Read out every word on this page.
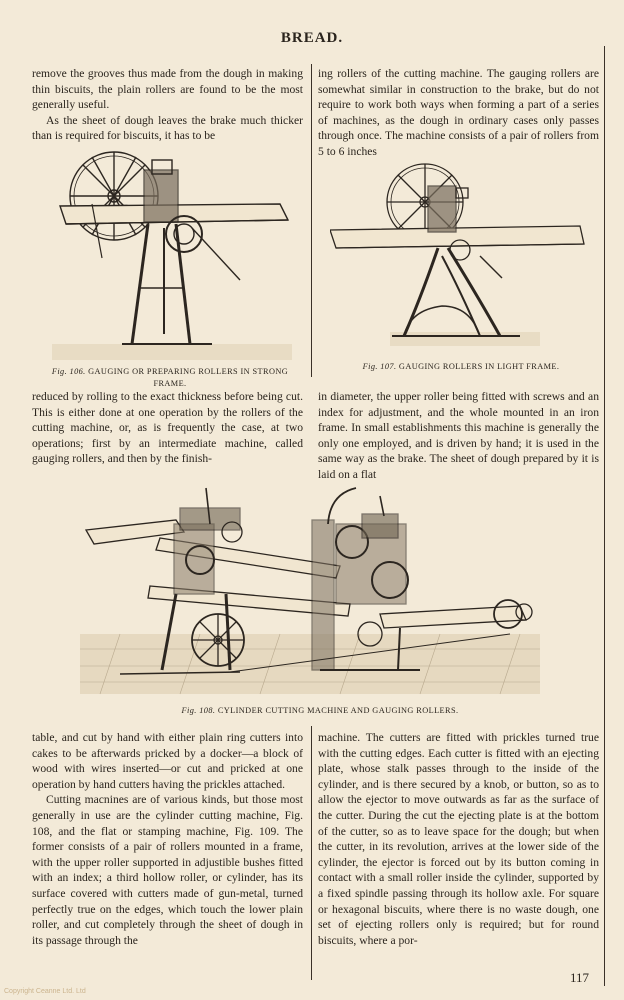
BREAD.

remove the grooves thus made from the dough in making thin biscuits, the plain rollers are found to be the most generally useful.

As the sheet of dough leaves the brake much thicker than is required for biscuits, it has to be

ing rollers of the cutting machine. The gauging rollers are somewhat similar in construction to the brake, but do not require to work both ways when forming a part of a series of machines, as the dough in ordinary cases only passes through once. The machine consists of a pair of rollers from 5 to 6 inches

Fig. 106. GAUGING OR PREPARING ROLLERS IN STRONG FRAME.
Fig. 107. GAUGING ROLLERS IN LIGHT FRAME.

reduced by rolling to the exact thickness before being cut. This is either done at one operation by the rollers of the cutting machine, or, as is frequently the case, at two operations; first by an intermediate machine, called gauging rollers, and then by the finish-

in diameter, the upper roller being fitted with screws and an index for adjustment, and the whole mounted in an iron frame. In small establishments this machine is generally the only one employed, and is driven by hand; it is used in the same way as the brake. The sheet of dough prepared by it is laid on a flat

Fig. 108. CYLINDER CUTTING MACHINE AND GAUGING ROLLERS.

table, and cut by hand with either plain ring cutters into cakes to be afterwards pricked by a docker—a block of wood with wires inserted—or cut and pricked at one operation by hand cutters having the prickles attached.

Cutting macnines are of various kinds, but those most generally in use are the cylinder cutting machine, Fig. 108, and the flat or stamping machine, Fig. 109. The former consists of a pair of rollers mounted in a frame, with the upper roller supported in adjustible bushes fitted with an index; a third hollow roller, or cylinder, has its surface covered with cutters made of gun-metal, turned perfectly true on the edges, which touch the lower plain roller, and cut completely through the sheet of dough in its passage through the

machine. The cutters are fitted with prickles turned true with the cutting edges. Each cutter is fitted with an ejecting plate, whose stalk passes through to the inside of the cylinder, and is there secured by a knob, or button, so as to allow the ejector to move outwards as far as the surface of the cutter. During the cut the ejecting plate is at the bottom of the cutter, so as to leave space for the dough; but when the cutter, in its revolution, arrives at the lower side of the cylinder, the ejector is forced out by its button coming in contact with a small roller inside the cylinder, supported by a fixed spindle passing through its hollow axle. For square or hexagonal biscuits, where there is no waste dough, one set of ejecting rollers only is required; but for round biscuits, where a por-

117
Copyright Ceanne Ltd. Ltd
